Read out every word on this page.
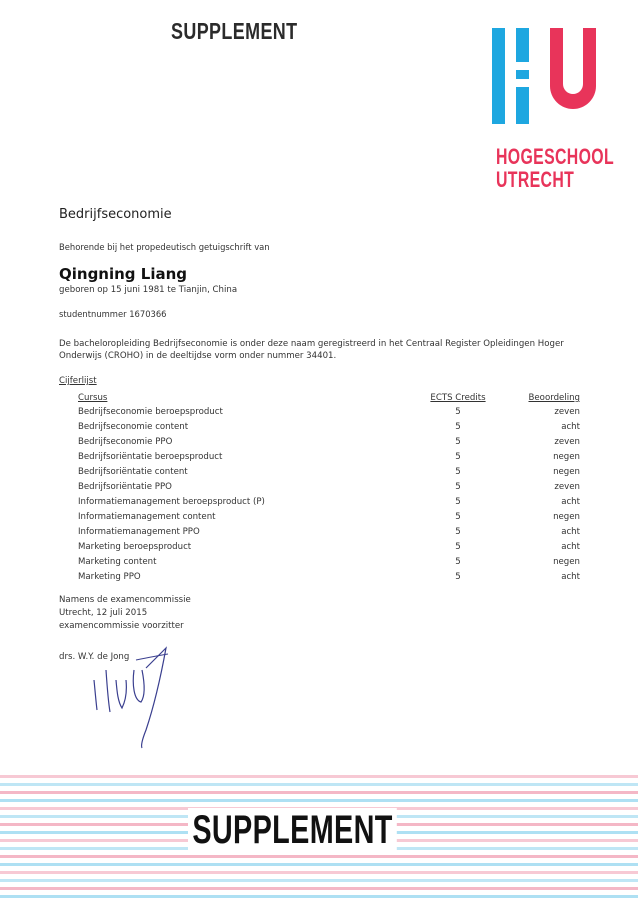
SUPPLEMENT
HOGESCHOOL
UTRECHT
Bedrijfseconomie
Behorende bij het propedeutisch getuigschrift van
Qingning Liang
geboren op 15 juni 1981 te Tianjin, China
studentnummer 1670366
De bacheloropleiding Bedrijfseconomie is onder deze naam geregistreerd in het Centraal Register Opleidingen Hoger Onderwijs (CROHO) in de deeltijdse vorm onder nummer 34401.
Cijferlijst
Cursus	ECTS Credits	Beoordeling
Bedrijfseconomie beroepsproduct	5	zeven
Bedrijfseconomie content	5	acht
Bedrijfseconomie PPO	5	zeven
Bedrijfsoriëntatie beroepsproduct	5	negen
Bedrijfsoriëntatie content	5	negen
Bedrijfsoriëntatie PPO	5	zeven
Informatiemanagement beroepsproduct (P)	5	acht
Informatiemanagement content	5	negen
Informatiemanagement PPO	5	acht
Marketing beroepsproduct	5	acht
Marketing content	5	negen
Marketing PPO	5	acht
Namens de examencommissie
Utrecht, 12 juli 2015
examencommissie voorzitter
drs. W.Y. de Jong
SUPPLEMENT
